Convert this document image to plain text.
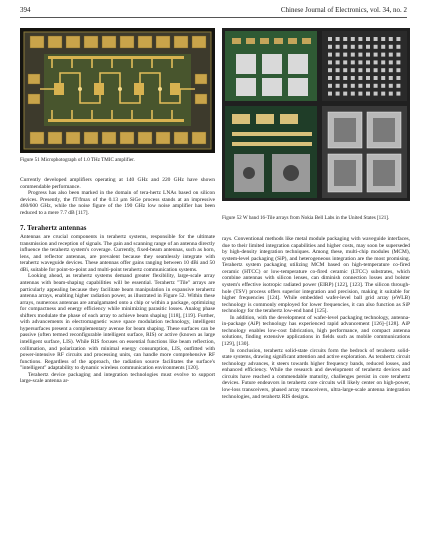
394	Chinese Journal of Electronics, vol. 34, no. 2
Figure 51 Microphotograph of 1.0 THz TMIC amplifier.
Figure 52 W band 16-Tile arrays from Nokia Bell Labs in the United States [121].

Currently developed amplifiers operating at 140 GHz and 220 GHz have shown commendable performance.

Progress has also been marked in the domain of tera-hertz LNAs based on silicon devices. Presently, the fT/fmax of the 0.13 μm SiGe process stands at an impressive 460/600 GHz, while the noise figure of the 190 GHz low noise amplifier has been reduced to a mere 7.7 dB [117].

7. Terahertz antennas

Antennas are crucial components in terahertz systems, responsible for the ultimate transmission and reception of signals. The gain and scanning range of an antenna directly influence the terahertz system's coverage. Currently, fixed-beam antennas, such as horn, lens, and reflector antennas, are prevalent because they seamlessly integrate with terahertz waveguide devices. These antennas offer gains ranging between 10 dBi and 50 dBi, suitable for point-to-point and multi-point terahertz communication systems.

Looking ahead, as terahertz systems demand greater flexibility, large-scale array antennas with beam-shaping capabilities will be essential. Terahertz "Tile" arrays are particularly appealing because they facilitate beam manipulation in expansive terahertz antenna arrays, enabling higher radiation power, as illustrated in Figure 52. Within these arrays, numerous antennas are amalgamated onto a chip or within a package, optimizing for compactness and energy efficiency while minimizing parasitic losses. Analog phase shifters modulate the phase of each array to achieve beam shaping [118], [119]. Further, with advancements in electromagnetic wave space modulation technology, intelligent hypersurfaces present a complementary avenue for beam shaping. These surfaces can be passive (often termed reconfigurable intelligent surface, RIS) or active (known as large intelligent surface, LIS). While RIS focuses on essential functions like beam reflection, collimation, and polarization with minimal energy consumption, LIS, outfitted with power-intensive RF circuits and processing units, can handle more comprehensive RF functions. Regardless of the approach, the radiation source facilitates the surface's "intelligent" adaptability to dynamic wireless communication environments [120].

Terahertz device packaging and integration technologies must evolve to support large-scale antenna ar-

rays. Conventional methods like metal module packaging with waveguide interfaces, due to their limited integration capabilities and higher costs, may soon be superseded by high-density integration techniques. Among these, multi-chip modules (MCM), system-level packaging (SiP), and heterogeneous integration are the most promising. Terahertz system packaging utilizing MCM based on high-temperature co-fired ceramic (HTCC) or low-temperature co-fired ceramic (LTCC) substrates, which combine antennas with silicon lenses, can diminish connection losses and bolster system's effective isotropic radiated power (EIRP) [122], [123]. The silicon through-hole (TSV) process offers superior integration and precision, making it suitable for higher frequencies [124]. While embedded wafer-level ball grid array (eWLB) technology is commonly employed for lower frequencies, it can also function as SiP technology for the terahertz low-end band [125].

In addition, with the development of wafer-level packaging technology, antenna-in-package (AiP) technology has experienced rapid advancement [126]–[128]. AiP technology enables low-cost fabrication, high performance, and compact antenna solutions, finding extensive applications in fields such as mobile communications [129], [130].

In conclusion, terahertz solid-state circuits form the bedrock of terahertz solid-state systems, drawing significant attention and active exploration. As terahertz circuit technology advances, it steers towards higher frequency bands, reduced losses, and enhanced efficiency. While the research and development of terahertz devices and circuits have reached a commendable maturity, challenges persist in core terahertz devices. Future endeavors in terahertz core circuits will likely center on high-power, low-loss transceivers, phased array transceivers, ultra-large-scale antenna integration technologies, and terahertz RIS designs.
